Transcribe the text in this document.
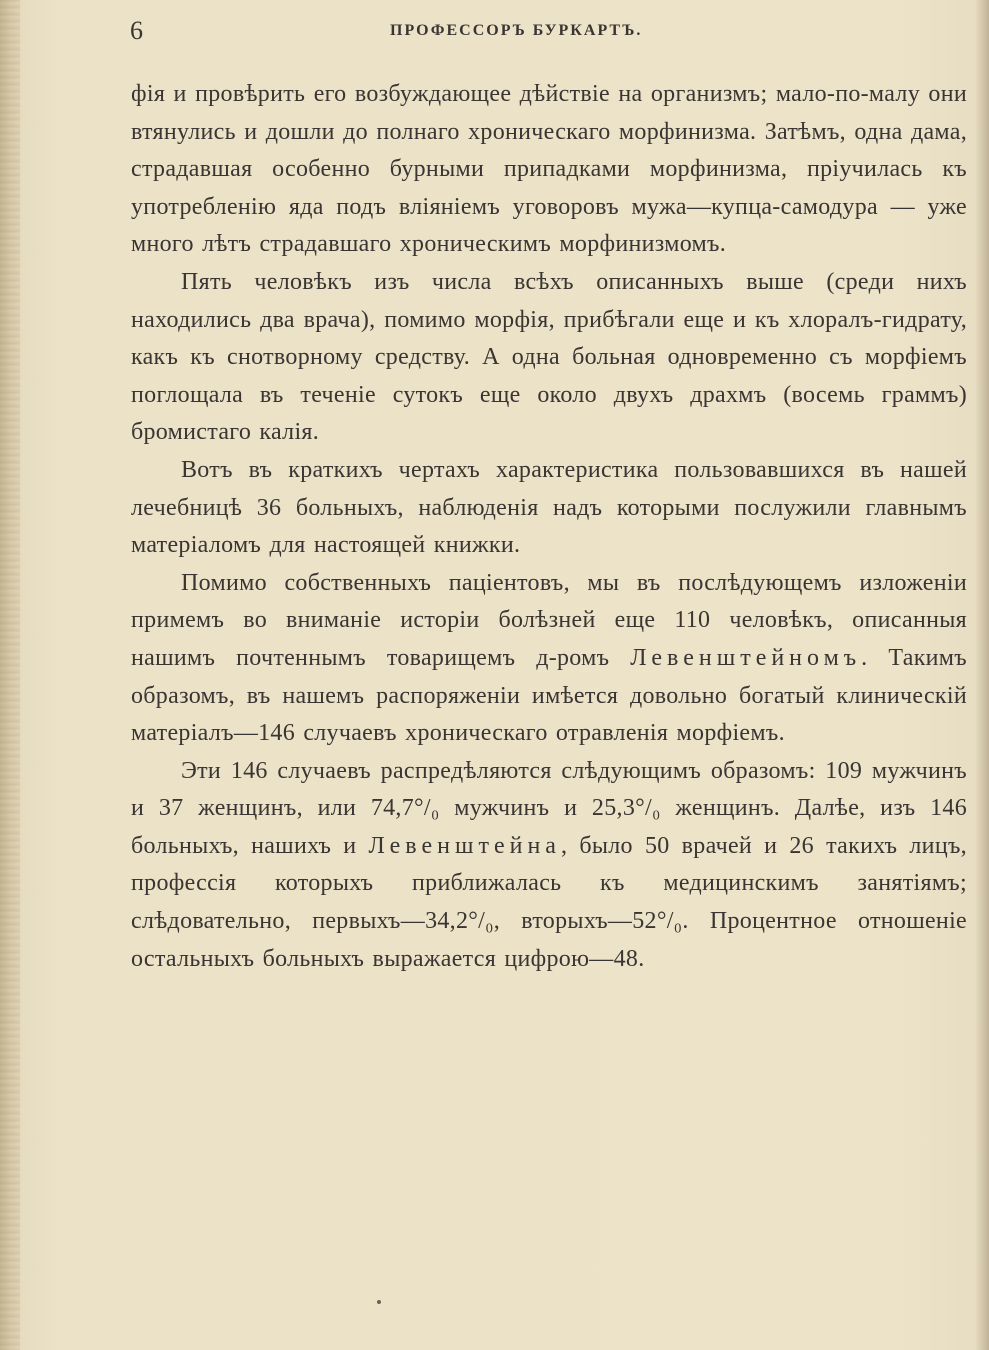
6	ПРОФЕССОРЪ БУРКАРТЪ.

фія и провѣрить его возбуждающее дѣйствіе на организмъ; мало-по-малу они втянулись и дошли до полнаго хроническаго морфинизма. Затѣмъ, одна дама, страдавшая особенно бурными припадками морфинизма, пріучилась къ употребленію яда подъ вліяніемъ уговоровъ мужа—купца-самодура — уже много лѣтъ страдавшаго хроническимъ морфинизмомъ.

Пять человѣкъ изъ числа всѣхъ описанныхъ выше (среди нихъ находились два врача), помимо морфія, прибѣгали еще и къ хлоралъ-гидрату, какъ къ снотворному средству. А одна больная одновременно съ морфіемъ поглощала въ теченіе сутокъ еще около двухъ драхмъ (восемь граммъ) бромистаго калія.

Вотъ въ краткихъ чертахъ характеристика пользовавшихся въ нашей лечебницѣ 36 больныхъ, наблюденія надъ которыми послужили главнымъ матеріаломъ для настоящей книжки.

Помимо собственныхъ паціентовъ, мы въ послѣдующемъ изложеніи примемъ во вниманіе исторіи болѣзней еще 110 человѣкъ, описанныя нашимъ почтеннымъ товарищемъ д-ромъ Левенштейномъ. Такимъ образомъ, въ нашемъ распоряженіи имѣется довольно богатый клиническій матеріалъ—146 случаевъ хроническаго отравленія морфіемъ.

Эти 146 случаевъ распредѣляются слѣдующимъ образомъ: 109 мужчинъ и 37 женщинъ, или 74,7°/₀ мужчинъ и 25,3°/₀ женщинъ. Далѣе, изъ 146 больныхъ, нашихъ и Левенштейна, было 50 врачей и 26 такихъ лицъ, профессія которыхъ приближалась къ медицинскимъ занятіямъ; слѣдовательно, первыхъ—34,2°/₀, вторыхъ—52°/₀. Процентное отношеніе остальныхъ больныхъ выражается цифрою—48.
